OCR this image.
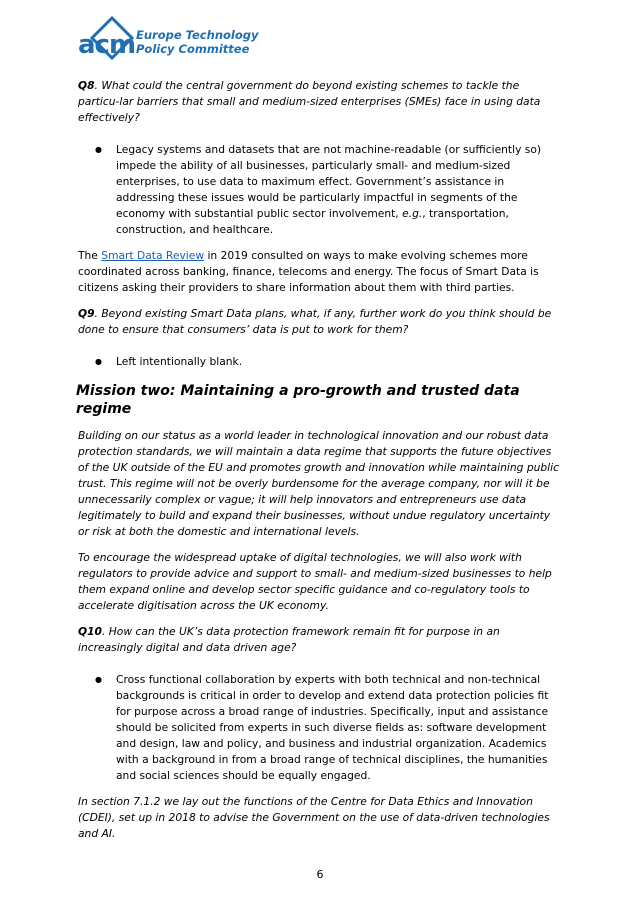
acm Europe Technology
Policy Committee

Q8. What could the central government do beyond existing schemes to tackle the particu-lar barriers that small and medium-sized enterprises (SMEs) face in using data effectively?

● Legacy systems and datasets that are not machine-readable (or sufficiently so) impede the ability of all businesses, particularly small- and medium-sized enterprises, to use data to maximum effect. Government’s assistance in addressing these issues would be particularly impactful in segments of the economy with substantial public sector involvement, e.g., transportation, construction, and healthcare.

The Smart Data Review in 2019 consulted on ways to make evolving schemes more coordinated across banking, finance, telecoms and energy. The focus of Smart Data is citizens asking their providers to share information about them with third parties.

Q9. Beyond existing Smart Data plans, what, if any, further work do you think should be done to ensure that consumers’ data is put to work for them?

● Left intentionally blank.
Mission two: Maintaining a pro-growth and trusted data regime

Building on our status as a world leader in technological innovation and our robust data protection standards, we will maintain a data regime that supports the future objectives of the UK outside of the EU and promotes growth and innovation while maintaining public trust. This regime will not be overly burdensome for the average company, nor will it be unnecessarily complex or vague; it will help innovators and entrepreneurs use data legitimately to build and expand their businesses, without undue regulatory uncertainty or risk at both the domestic and international levels.

To encourage the widespread uptake of digital technologies, we will also work with regulators to provide advice and support to small- and medium-sized businesses to help them expand online and develop sector specific guidance and co-regulatory tools to accelerate digitisation across the UK economy.

Q10. How can the UK’s data protection framework remain fit for purpose in an increasingly digital and data driven age?

● Cross functional collaboration by experts with both technical and non-technical backgrounds is critical in order to develop and extend data protection policies fit for purpose across a broad range of industries. Specifically, input and assistance should be solicited from experts in such diverse fields as: software development and design, law and policy, and business and industrial organization. Academics with a background in from a broad range of technical disciplines, the humanities and social sciences should be equally engaged.

In section 7.1.2 we lay out the functions of the Centre for Data Ethics and Innovation (CDEI), set up in 2018 to advise the Government on the use of data-driven technologies and AI.

6
